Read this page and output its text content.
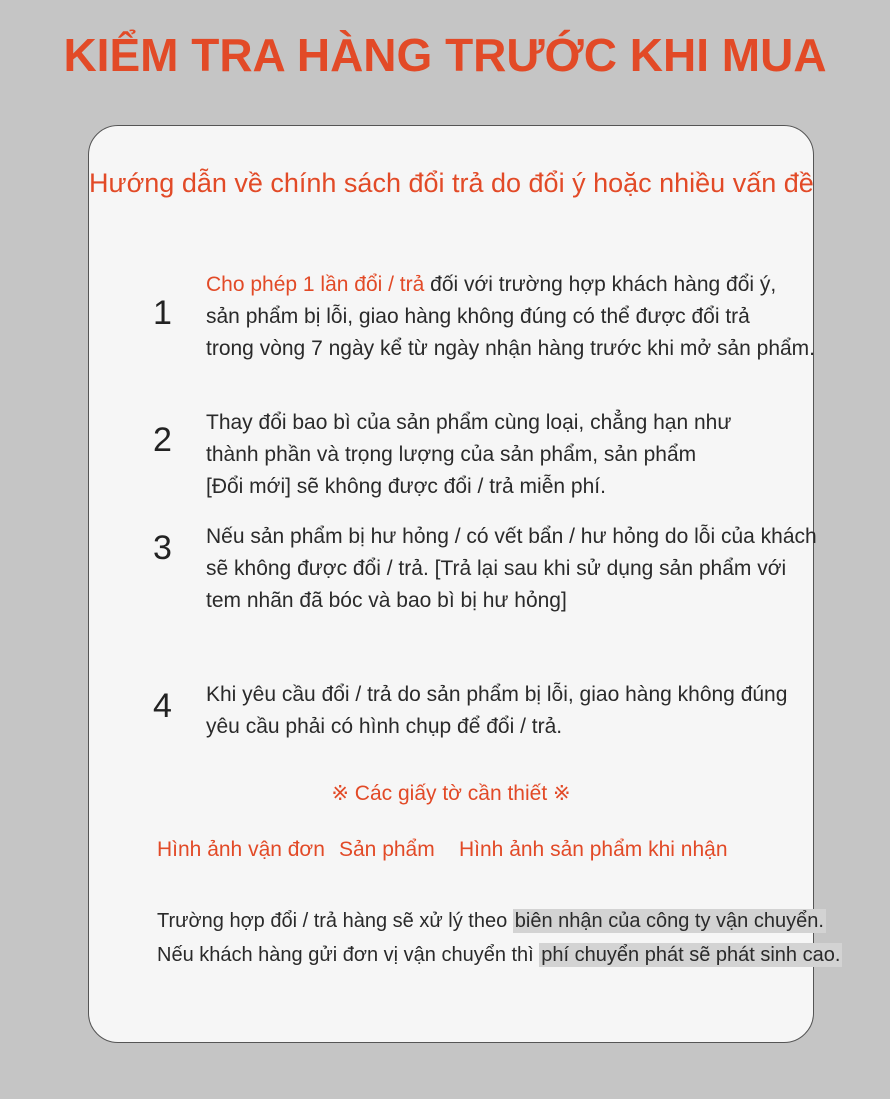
KIỂM TRA HÀNG TRƯỚC KHI MUA
Hướng dẫn về chính sách đổi trả do đổi ý hoặc nhiều vấn đề
1
Cho phép 1 lần đổi / trả đối với trường hợp khách hàng đổi ý,
sản phẩm bị lỗi, giao hàng không đúng có thể được đổi trả
trong vòng 7 ngày kể từ ngày nhận hàng trước khi mở sản phẩm.
2	Thay đổi bao bì của sản phẩm cùng loại, chẳng hạn như
thành phần và trọng lượng của sản phẩm, sản phẩm
[Đổi mới] sẽ không được đổi / trả miễn phí.
3	Nếu sản phẩm bị hư hỏng / có vết bẩn / hư hỏng do lỗi của khách
sẽ không được đổi / trả. [Trả lại sau khi sử dụng sản phẩm với
tem nhãn đã bóc và bao bì bị hư hỏng]
4	Khi yêu cầu đổi / trả do sản phẩm bị lỗi, giao hàng không đúng
yêu cầu phải có hình chụp để đổi / trả.
※ Các giấy tờ cần thiết ※
Hình ảnh vận đơn Sản phẩm Hình ảnh sản phẩm khi nhận
Trường hợp đổi / trả hàng sẽ xử lý theo biên nhận của công ty vận chuyển.
Nếu khách hàng gửi đơn vị vận chuyển thì phí chuyển phát sẽ phát sinh cao.
